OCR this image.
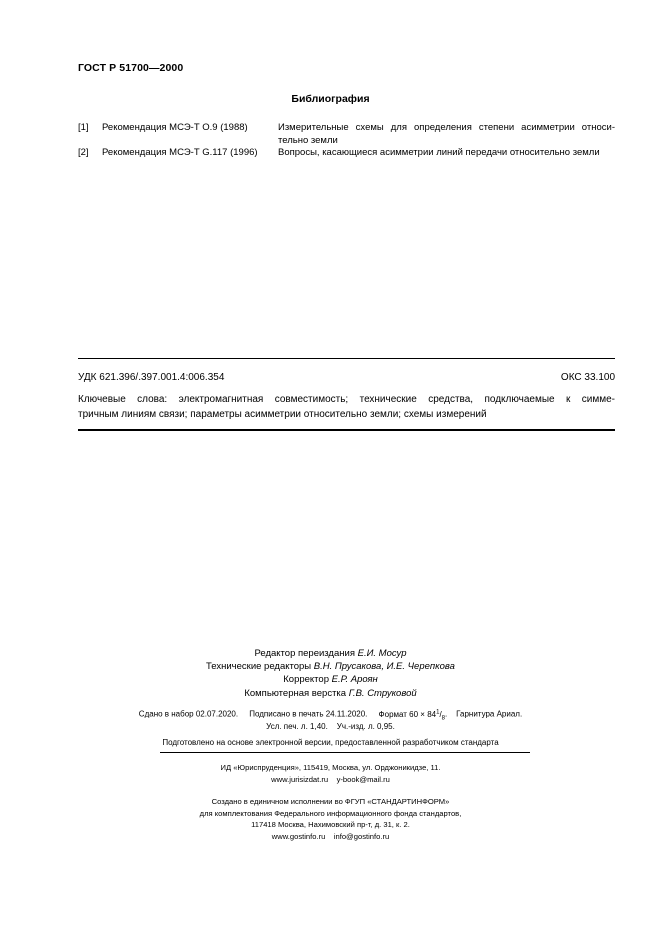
ГОСТ Р 51700—2000
Библиография
[1] Рекомендация МСЭ-Т О.9 (1988)	Измерительные схемы для определения степени асимметрии относи-
тельно земли
[2] Рекомендация МСЭ-Т G.117 (1996) Вопросы, касающиеся асимметрии линий передачи относительно земли
УДК 621.396/.397.001.4:006.354	ОКС 33.100
Ключевые слова: электромагнитная совместимость; технические средства, подключаемые к симме-
тричным линиям связи; параметры асимметрии относительно земли; схемы измерений
Редактор переиздания Е.И. Мосур
Технические редакторы В.Н. Прусакова, И.Е. Черепкова
Корректор Е.Р. Ароян
Компьютерная верстка Г.В. Струковой
Сдано в набор 02.07.2020. Подписано в печать 24.11.2020. Формат $60 \times 84^1/_8$.    Гарнитура Ариал.
Усл. печ. л. 1,40. Уч.-изд. л. 0,95.
Подготовлено на основе электронной версии, предоставленной разработчиком стандарта
ИД «Юриспруденция», 115419, Москва, ул. Орджоникидзе, 11.
www.jurisizdat.ru y-book@mail.ru
Создано в единичном исполнении во ФГУП «СТАНДАРТИНФОРМ»
для комплектования Федерального информационного фонда стандартов,
117418 Москва, Нахимовский пр-т, д. 31, к. 2.
www.gostinfo.ru info@gostinfo.ru
